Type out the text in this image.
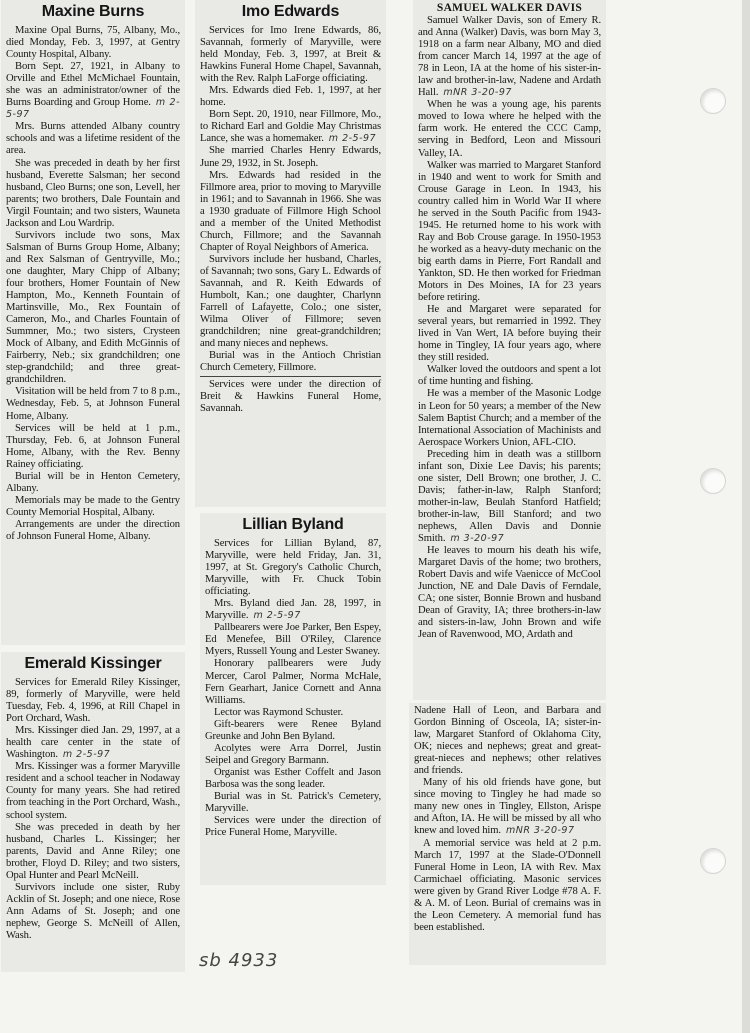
Maxine Burns

Maxine Opal Burns, 75, Albany, Mo., died Monday, Feb. 3, 1997, at Gentry County Hospital, Albany.

Born Sept. 27, 1921, in Albany to Orville and Ethel McMichael Fountain, she was an administrator/owner of the Burns Boarding and Group Home. m 2-5-97

Mrs. Burns attended Albany country schools and was a lifetime resident of the area.

She was preceded in death by her first husband, Everette Salsman; her second husband, Cleo Burns; one son, Levell, her parents; two brothers, Dale Fountain and Virgil Fountain; and two sisters, Wauneta Jackson and Lou Wardrip.

Survivors include two sons, Max Salsman of Burns Group Home, Albany; and Rex Salsman of Gentryville, Mo.; one daughter, Mary Chipp of Albany; four brothers, Homer Fountain of New Hampton, Mo., Kenneth Fountain of Martinsville, Mo., Rex Fountain of Cameron, Mo., and Charles Fountain of Summner, Mo.; two sisters, Crysteen Mock of Albany, and Edith McGinnis of Fairberry, Neb.; six grandchildren; one step-grandchild; and three great-grandchildren.

Visitation will be held from 7 to 8 p.m., Wednesday, Feb. 5, at Johnson Funeral Home, Albany.

Services will be held at 1 p.m., Thursday, Feb. 6, at Johnson Funeral Home, Albany, with the Rev. Benny Rainey officiating.

Burial will be in Henton Cemetery, Albany.

Memorials may be made to the Gentry County Memorial Hospital, Albany.

Arrangements are under the direction of Johnson Funeral Home, Albany.

Emerald Kissinger

Services for Emerald Riley Kissinger, 89, formerly of Maryville, were held Tuesday, Feb. 4, 1996, at Rill Chapel in Port Orchard, Wash.

Mrs. Kissinger died Jan. 29, 1997, at a health care center in the state of Washington. m 2-5-97

Mrs. Kissinger was a former Maryville resident and a school teacher in Nodaway County for many years. She had retired from teaching in the Port Orchard, Wash., school system.

She was preceded in death by her husband, Charles L. Kissinger; her parents, David and Anne Riley; one brother, Floyd D. Riley; and two sisters, Opal Hunter and Pearl McNeill.

Survivors include one sister, Ruby Acklin of St. Joseph; and one niece, Rose Ann Adams of St. Joseph; and one nephew, George S. McNeill of Allen, Wash.

Imo Edwards

Services for Imo Irene Edwards, 86, Savannah, formerly of Maryville, were held Monday, Feb. 3, 1997, at Breit & Hawkins Funeral Home Chapel, Savannah, with the Rev. Ralph LaForge officiating.

Mrs. Edwards died Feb. 1, 1997, at her home.

Born Sept. 20, 1910, near Fillmore, Mo., to Richard Earl and Goldie May Christmas Lance, she was a homemaker. m 2-5-97

She married Charles Henry Edwards, June 29, 1932, in St. Joseph.

Mrs. Edwards had resided in the Fillmore area, prior to moving to Maryville in 1961; and to Savannah in 1966. She was a 1930 graduate of Fillmore High School and a member of the United Methodist Church, Fillmore; and the Savannah Chapter of Royal Neighbors of America.

Survivors include her husband, Charles, of Savannah; two sons, Gary L. Edwards of Savannah, and R. Keith Edwards of Humbolt, Kan.; one daughter, Charlynn Farrell of Lafayette, Colo.; one sister, Wilma Oliver of Fillmore; seven grandchildren; nine great-grandchildren; and many nieces and nephews.

Burial was in the Antioch Christian Church Cemetery, Fillmore.

Services were under the direction of Breit & Hawkins Funeral Home, Savannah.

Lillian Byland

Services for Lillian Byland, 87, Maryville, were held Friday, Jan. 31, 1997, at St. Gregory's Catholic Church, Maryville, with Fr. Chuck Tobin officiating.

Mrs. Byland died Jan. 28, 1997, in Maryville. m 2-5-97

Pallbearers were Joe Parker, Ben Espey, Ed Menefee, Bill O'Riley, Clarence Myers, Russell Young and Lester Swaney.

Honorary pallbearers were Judy Mercer, Carol Palmer, Norma McHale, Fern Gearhart, Janice Cornett and Anna Williams.

Lector was Raymond Schuster.

Gift-bearers were Renee Byland Greunke and John Ben Byland.

Acolytes were Arra Dorrel, Justin Seipel and Gregory Barmann.

Organist was Esther Coffelt and Jason Barbosa was the song leader.

Burial was in St. Patrick's Cemetery, Maryville.

Services were under the direction of Price Funeral Home, Maryville.

SAMUEL WALKER DAVIS

Samuel Walker Davis, son of Emery R. and Anna (Walker) Davis, was born May 3, 1918 on a farm near Albany, MO and died from cancer March 14, 1997 at the age of 78 in Leon, IA at the home of his sister-in-law and brother-in-law, Nadene and Ardath Hall. mNR 3-20-97

When he was a young age, his parents moved to Iowa where he helped with the farm work. He entered the CCC Camp, serving in Bedford, Leon and Missouri Valley, IA.

Walker was married to Margaret Stanford in 1940 and went to work for Smith and Crouse Garage in Leon. In 1943, his country called him in World War II where he served in the South Pacific from 1943-1945. He returned home to his work with Ray and Bob Crouse garage. In 1950-1953 he worked as a heavy-duty mechanic on the big earth dams in Pierre, Fort Randall and Yankton, SD. He then worked for Friedman Motors in Des Moines, IA for 23 years before retiring.

He and Margaret were separated for several years, but remarried in 1992. They lived in Van Wert, IA before buying their home in Tingley, IA four years ago, where they still resided.

Walker loved the outdoors and spent a lot of time hunting and fishing.

He was a member of the Masonic Lodge in Leon for 50 years; a member of the New Salem Baptist Church; and a member of the International Association of Machinists and Aerospace Workers Union, AFL-CIO.

Preceding him in death was a stillborn infant son, Dixie Lee Davis; his parents; one sister, Dell Brown; one brother, J. C. Davis; father-in-law, Ralph Stanford; mother-in-law, Beulah Stanford Hatfield; brother-in-law, Bill Stanford; and two nephews, Allen Davis and Donnie Smith. m 3-20-97

He leaves to mourn his death his wife, Margaret Davis of the home; two brothers, Robert Davis and wife Vaenicce of McCool Junction, NE and Dale Davis of Ferndale, CA; one sister, Bonnie Brown and husband Dean of Gravity, IA; three brothers-in-law and sisters-in-law, John Brown and wife Jean of Ravenwood, MO, Ardath and

Nadene Hall of Leon, and Barbara and Gordon Binning of Osceola, IA; sister-in-law, Margaret Stanford of Oklahoma City, OK; nieces and nephews; great and great-great-nieces and nephews; other relatives and friends.

Many of his old friends have gone, but since moving to Tingley he had made so many new ones in Tingley, Ellston, Arispe and Afton, IA. He will be missed by all who knew and loved him. mNR 3-20-97

A memorial service was held at 2 p.m. March 17, 1997 at the Slade-O'Donnell Funeral Home in Leon, IA with Rev. Max Carmichael officiating. Masonic services were given by Grand River Lodge #78 A. F. & A. M. of Leon. Burial of cremains was in the Leon Cemetery. A memorial fund has been established.

sb 4933
